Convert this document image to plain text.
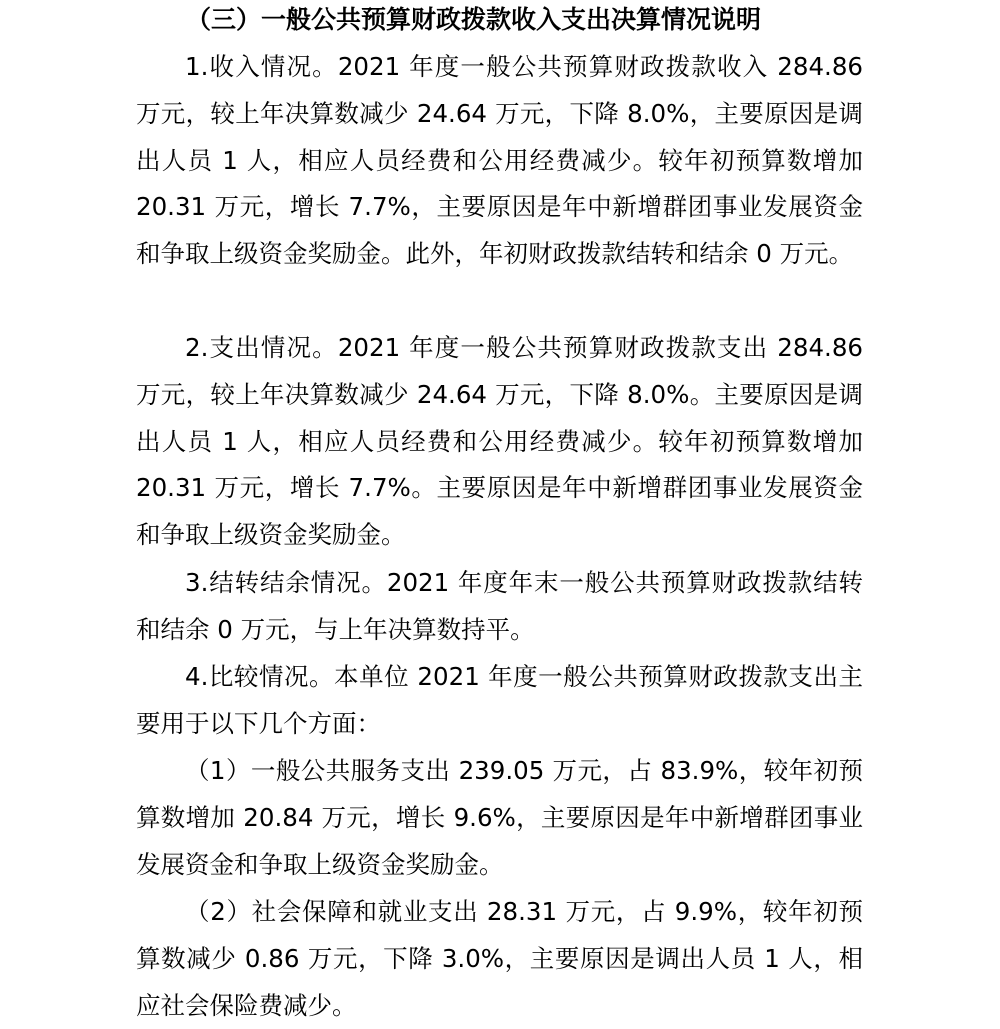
（三）一般公共预算财政拨款收入支出决算情况说明

1.收入情况。2021 年度一般公共预算财政拨款收入 284.86 万元，较上年决算数减少 24.64 万元，下降 8.0%，主要原因是调出人员 1 人，相应人员经费和公用经费减少。较年初预算数增加 20.31 万元，增长 7.7%，主要原因是年中新增群团事业发展资金和争取上级资金奖励金。此外，年初财政拨款结转和结余 0 万元。

2.支出情况。2021 年度一般公共预算财政拨款支出 284.86 万元，较上年决算数减少 24.64 万元，下降 8.0%。主要原因是调出人员 1 人，相应人员经费和公用经费减少。较年初预算数增加 20.31 万元，增长 7.7%。主要原因是年中新增群团事业发展资金和争取上级资金奖励金。

3.结转结余情况。2021 年度年末一般公共预算财政拨款结转和结余 0 万元，与上年决算数持平。

4.比较情况。本单位 2021 年度一般公共预算财政拨款支出主要用于以下几个方面：

（1）一般公共服务支出 239.05 万元，占 83.9%，较年初预算数增加 20.84 万元，增长 9.6%，主要原因是年中新增群团事业发展资金和争取上级资金奖励金。

（2）社会保障和就业支出 28.31 万元，占 9.9%，较年初预算数减少 0.86 万元，下降 3.0%，主要原因是调出人员 1 人，相应社会保险费减少。
